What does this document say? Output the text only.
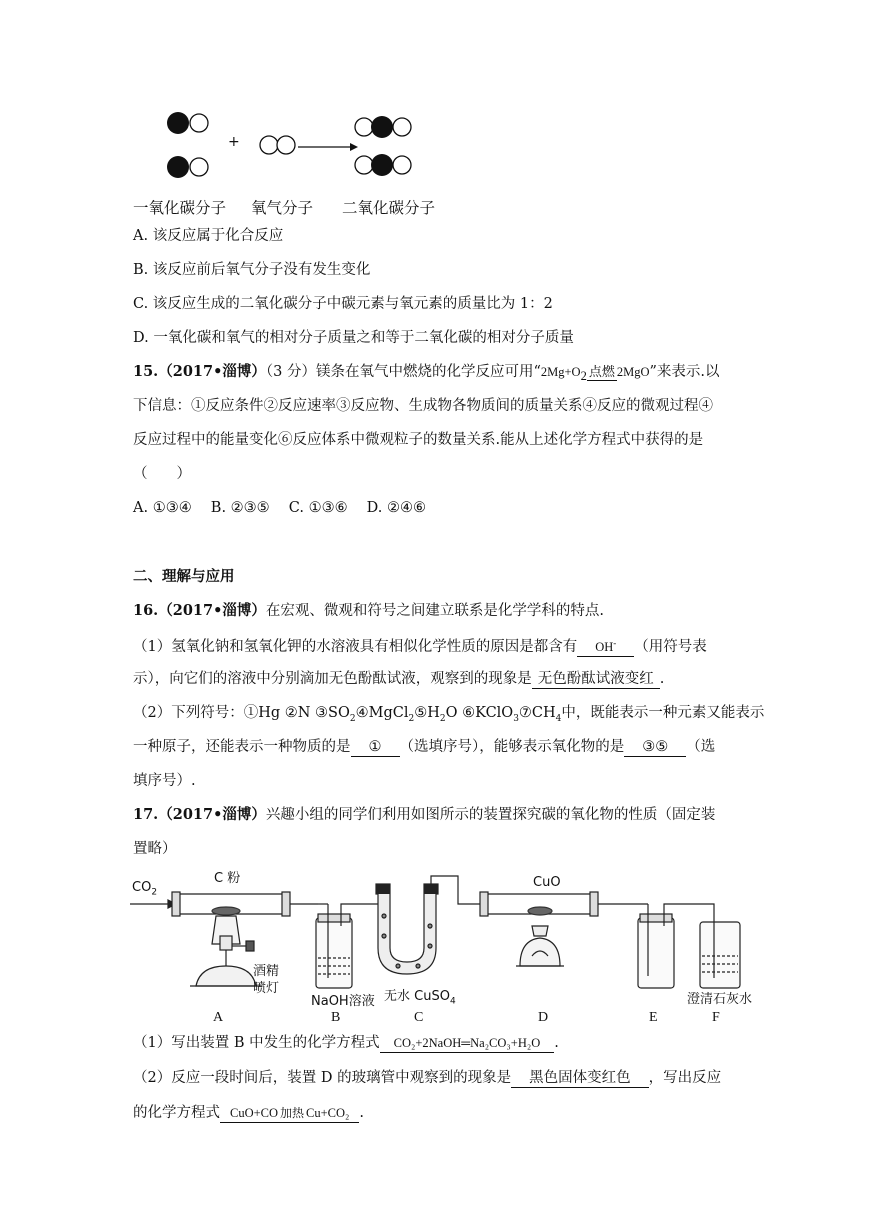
+
一氧化碳分子 氧气分子 二氧化碳分子
A. 该反应属于化合反应
B. 该反应前后氧气分子没有发生变化
C. 该反应生成的二氧化碳分子中碳元素与氧元素的质量比为 1：2
D. 一氧化碳和氧气的相对分子质量之和等于二氧化碳的相对分子质量
15.（2017•淄博）（3 分）镁条在氧气中燃烧的化学反应可用“$2Mg+O_2$ 点燃 2MgO”来表示.以
下信息：①反应条件②反应速率③反应物、生成物各物质间的质量关系④反应的微观过程④
反应过程中的能量变化⑥反应体系中微观粒子的数量关系.能从上述化学方程式中获得的是
（　　）
A. ①③④　 B. ②③⑤　 C. ①③⑥　 D. ②④⑥
二、理解与应用
16.（2017•淄博）在宏观、微观和符号之间建立联系是化学学科的特点.
（1）氢氧化钠和氢氧化钾的水溶液具有相似化学性质的原因是都含有 OH- （用符号表
示），向它们的溶液中分别滴加无色酚酞试液，观察到的现象是 无色酚酞试液变红 .
（2）下列符号：①Hg ②N $③SO_2④MgCl_2⑤H_2O$ $⑥KClO_3⑦CH_4$中，既能表示一种元素又能表示
一种原子，还能表示一种物质的是 ① （选填序号），能够表示氧化物的是 ③⑤ （选
填序号）.
17.（2017•淄博）兴趣小组的同学们利用如图所示的装置探究碳的氧化物的性质（固定装
置略）
$CO_2$
C 粉	CuO
酒精
喷灯
NaOH溶液 无水 CuSO$_4$	澄清石灰水
A	B	C	D	E	F
（1）写出装置 B 中发生的化学方程式 CO₂+2NaOH═Na₂CO₃+H₂O .
（2）反应一段时间后，装置 D 的玻璃管中观察到的现象是 黑色固体变红色 ，写出反应
的化学方程式 CuO+CO 加热 Cu+CO₂ .
